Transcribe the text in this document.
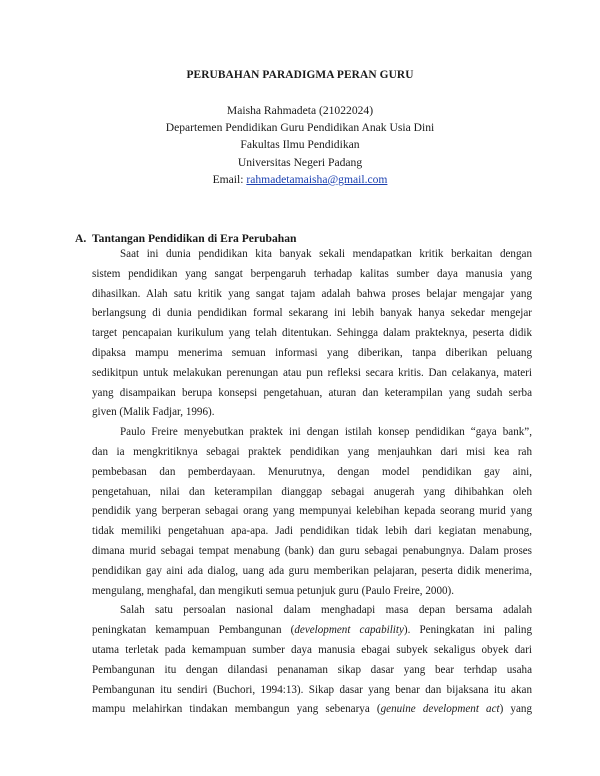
PERUBAHAN PARADIGMA PERAN GURU
Maisha Rahmadeta (21022024)
Departemen Pendidikan Guru Pendidikan Anak Usia Dini
Fakultas Ilmu Pendidikan
Universitas Negeri Padang
Email: rahmadetamaisha@gmail.com
A. Tantangan Pendidikan di Era Perubahan
Saat ini dunia pendidikan kita banyak sekali mendapatkan kritik berkaitan dengan
sistem pendidikan yang sangat berpengaruh terhadap kalitas sumber daya manusia yang
dihasilkan. Alah satu kritik yang sangat tajam adalah bahwa proses belajar mengajar yang
berlangsung di dunia pendidikan formal sekarang ini lebih banyak hanya sekedar mengejar
target pencapaian kurikulum yang telah ditentukan. Sehingga dalam prakteknya, peserta didik
dipaksa mampu menerima semuan informasi yang diberikan, tanpa diberikan peluang
sedikitpun untuk melakukan perenungan atau pun refleksi secara kritis. Dan celakanya, materi
yang disampaikan berupa konsepsi pengetahuan, aturan dan keterampilan yang sudah serba
given (Malik Fadjar, 1996).
Paulo Freire menyebutkan praktek ini dengan istilah konsep pendidikan “gaya bank”,
dan ia mengkritiknya sebagai praktek pendidikan yang menjauhkan dari misi kea rah
pembebasan dan pemberdayaan. Menurutnya, dengan model pendidikan gay aini,
pengetahuan, nilai dan keterampilan dianggap sebagai anugerah yang dihibahkan oleh
pendidik yang berperan sebagai orang yang mempunyai kelebihan kepada seorang murid yang
tidak memiliki pengetahuan apa-apa. Jadi pendidikan tidak lebih dari kegiatan menabung,
dimana murid sebagai tempat menabung (bank) dan guru sebagai penabungnya. Dalam proses
pendidikan gay aini ada dialog, uang ada guru memberikan pelajaran, peserta didik menerima,
mengulang, menghafal, dan mengikuti semua petunjuk guru (Paulo Freire, 2000).
Salah satu persoalan nasional dalam menghadapi masa depan bersama adalah
peningkatan kemampuan Pembangunan (development capability). Peningkatan ini paling
utama terletak pada kemampuan sumber daya manusia ebagai subyek sekaligus obyek dari
Pembangunan itu dengan dilandasi penanaman sikap dasar yang bear terhdap usaha
Pembangunan itu sendiri (Buchori, 1994:13). Sikap dasar yang benar dan bijaksana itu akan
mampu melahirkan tindakan membangun yang sebenarya (genuine development act) yang
